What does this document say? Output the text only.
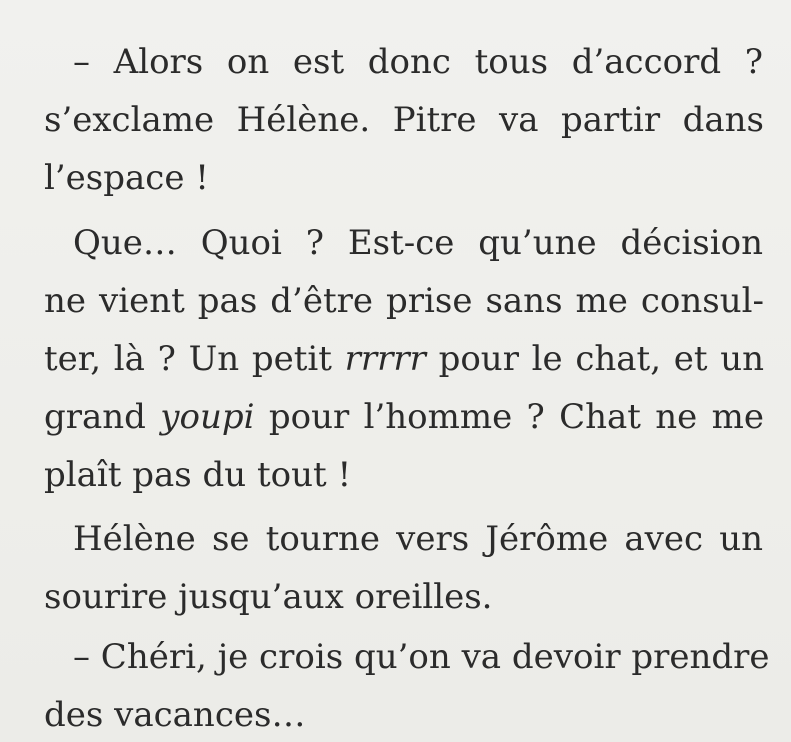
– Alors on est donc tous d’accord ?
s’exclame Hélène. Pitre va partir dans
l’espace !
Que… Quoi ? Est-ce qu’une décision
ne vient pas d’être prise sans me consul-
ter, là ? Un petit rrrrr pour le chat, et un
grand youpi pour l’homme ? Chat ne me
plaît pas du tout !
Hélène se tourne vers Jérôme avec un
sourire jusqu’aux oreilles.
– Chéri, je crois qu’on va devoir prendre
des vacances…
